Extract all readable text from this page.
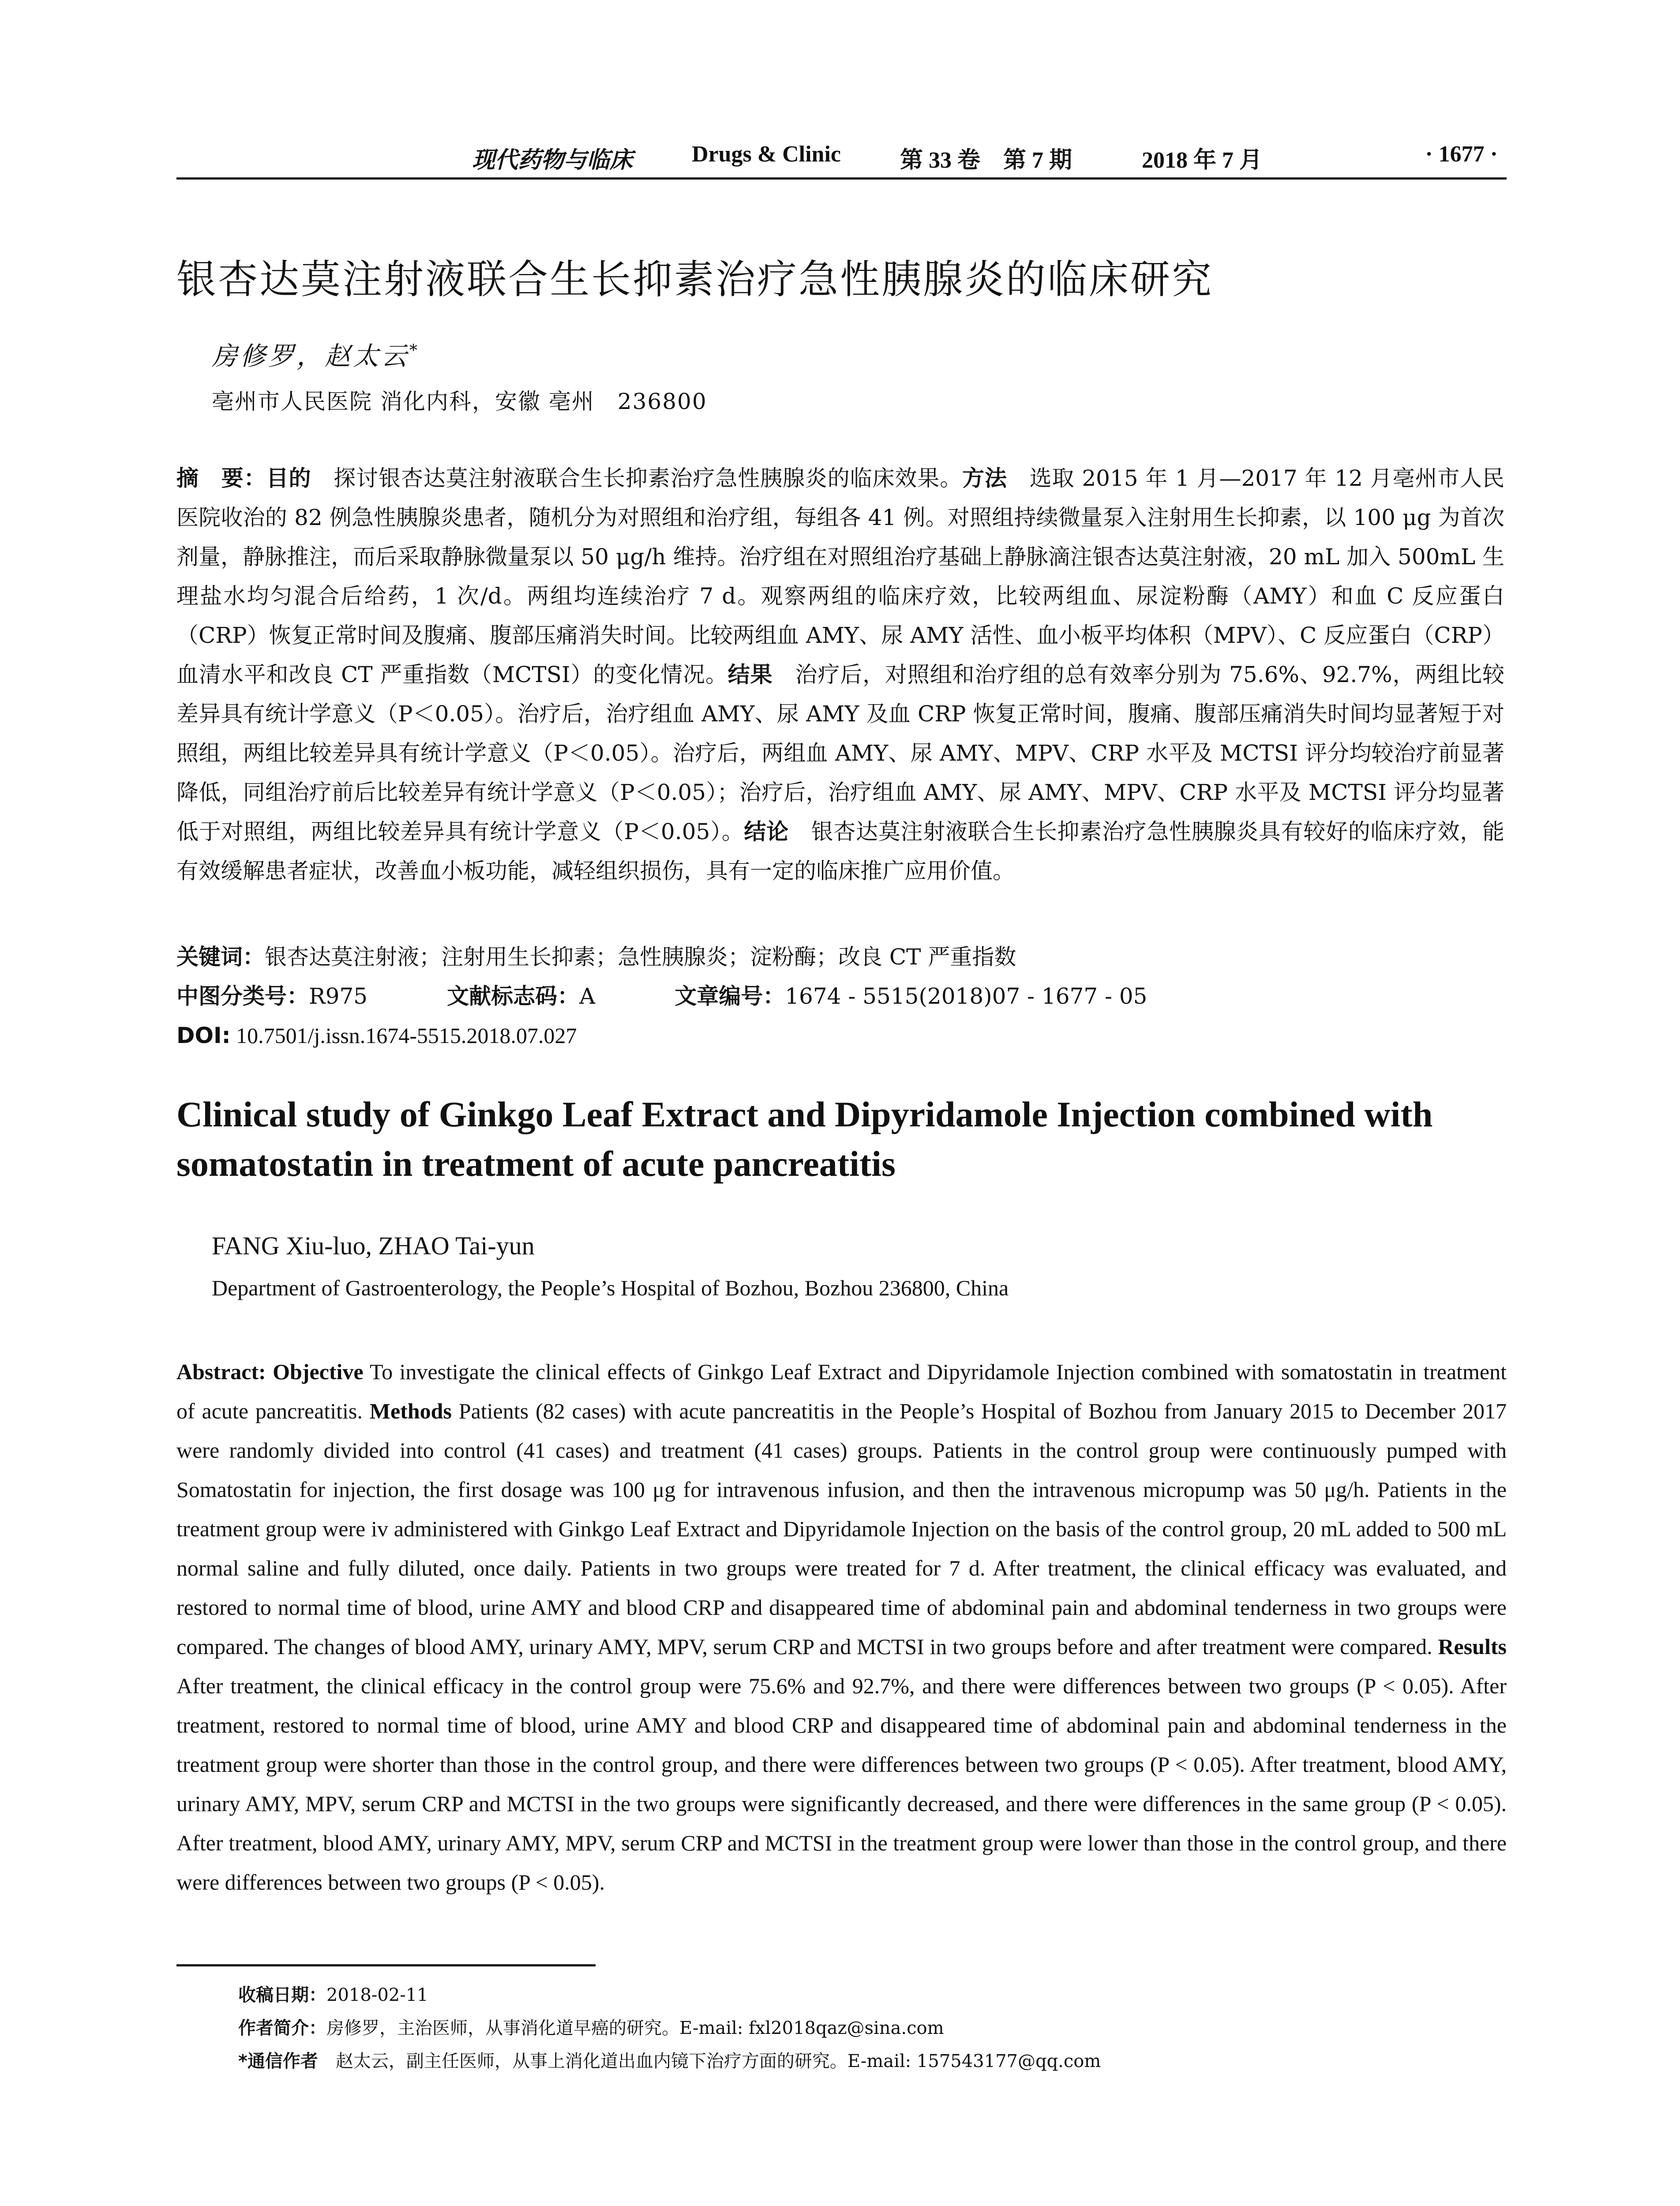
现代药物与临床	Drugs & Clinic	第 33 卷　第 7 期	2018 年 7 月	· 1677 ·
银杏达莫注射液联合生长抑素治疗急性胰腺炎的临床研究
房修罗，赵太云*
亳州市人民医院 消化内科，安徽 亳州　236800
摘　要：目的　探讨银杏达莫注射液联合生长抑素治疗急性胰腺炎的临床效果。方法　选取 2015 年 1 月—2017 年 12 月亳州市人民医院收治的 82 例急性胰腺炎患者，随机分为对照组和治疗组，每组各 41 例。对照组持续微量泵入注射用生长抑素，以 100 μg 为首次剂量，静脉推注，而后采取静脉微量泵以 50 μg/h 维持。治疗组在对照组治疗基础上静脉滴注银杏达莫注射液，20 mL 加入 500mL 生理盐水均匀混合后给药，1 次/d。两组均连续治疗 7 d。观察两组的临床疗效，比较两组血、尿淀粉酶（AMY）和血 C 反应蛋白（CRP）恢复正常时间及腹痛、腹部压痛消失时间。比较两组血 AMY、尿 AMY 活性、血小板平均体积（MPV）、C 反应蛋白（CRP）血清水平和改良 CT 严重指数（MCTSI）的变化情况。结果　治疗后，对照组和治疗组的总有效率分别为 75.6%、92.7%，两组比较差异具有统计学意义（P＜0.05）。治疗后，治疗组血 AMY、尿 AMY 及血 CRP 恢复正常时间，腹痛、腹部压痛消失时间均显著短于对照组，两组比较差异具有统计学意义（P＜0.05）。治疗后，两组血 AMY、尿 AMY、MPV、CRP 水平及 MCTSI 评分均较治疗前显著降低，同组治疗前后比较差异有统计学意义（P＜0.05）；治疗后，治疗组血 AMY、尿 AMY、MPV、CRP 水平及 MCTSI 评分均显著低于对照组，两组比较差异具有统计学意义（P＜0.05）。结论　银杏达莫注射液联合生长抑素治疗急性胰腺炎具有较好的临床疗效，能有效缓解患者症状，改善血小板功能，减轻组织损伤，具有一定的临床推广应用价值。
关键词：银杏达莫注射液；注射用生长抑素；急性胰腺炎；淀粉酶；改良 CT 严重指数
中图分类号：R975	文献标志码：A	文章编号：1674 - 5515(2018)07 - 1677 - 05
DOI: 10.7501/j.issn.1674-5515.2018.07.027
Clinical study of Ginkgo Leaf Extract and Dipyridamole Injection combined with somatostatin in treatment of acute pancreatitis
FANG Xiu-luo, ZHAO Tai-yun
Department of Gastroenterology, the People’s Hospital of Bozhou, Bozhou 236800, China
Abstract: Objective To investigate the clinical effects of Ginkgo Leaf Extract and Dipyridamole Injection combined with somatostatin in treatment of acute pancreatitis. Methods Patients (82 cases) with acute pancreatitis in the People’s Hospital of Bozhou from January 2015 to December 2017 were randomly divided into control (41 cases) and treatment (41 cases) groups. Patients in the control group were continuously pumped with Somatostatin for injection, the first dosage was 100 μg for intravenous infusion, and then the intravenous micropump was 50 μg/h. Patients in the treatment group were iv administered with Ginkgo Leaf Extract and Dipyridamole Injection on the basis of the control group, 20 mL added to 500 mL normal saline and fully diluted, once daily. Patients in two groups were treated for 7 d. After treatment, the clinical efficacy was evaluated, and restored to normal time of blood, urine AMY and blood CRP and disappeared time of abdominal pain and abdominal tenderness in two groups were compared. The changes of blood AMY, urinary AMY, MPV, serum CRP and MCTSI in two groups before and after treatment were compared. Results After treatment, the clinical efficacy in the control group were 75.6% and 92.7%, and there were differences between two groups (P < 0.05). After treatment, restored to normal time of blood, urine AMY and blood CRP and disappeared time of abdominal pain and abdominal tenderness in the treatment group were shorter than those in the control group, and there were differences between two groups (P < 0.05). After treatment, blood AMY, urinary AMY, MPV, serum CRP and MCTSI in the two groups were significantly decreased, and there were differences in the same group (P < 0.05). After treatment, blood AMY, urinary AMY, MPV, serum CRP and MCTSI in the treatment group were lower than those in the control group, and there were differences between two groups (P < 0.05).
收稿日期：2018-02-11
作者简介：房修罗，主治医师，从事消化道早癌的研究。E-mail: fxl2018qaz@sina.com
*通信作者　赵太云，副主任医师，从事上消化道出血内镜下治疗方面的研究。E-mail: 157543177@qq.com
